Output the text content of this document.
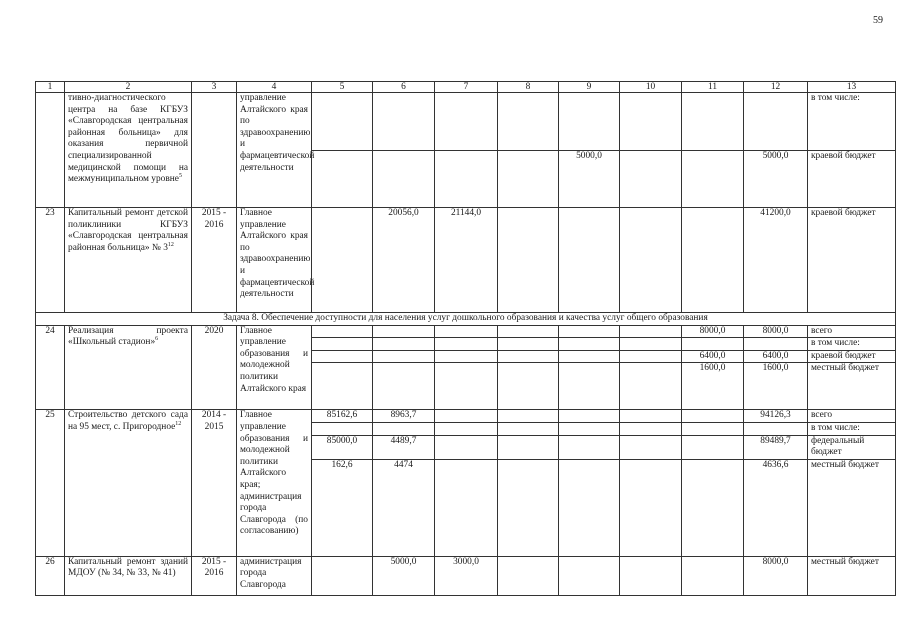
59
1	2	3	4	5	6	7	8	9	10	11	12	13
	тивно-диагностического центра на базе КГБУЗ «Славгородская центральная районная больница» для оказания первичной специализированной медицинской помощи на межмуниципальном уровне$^5$		управление Алтайского края по здравоохранению и фармацевтической деятельности									в том числе:
								5000,0			5000,0	краевой бюджет
23	Капитальный ремонт детской поликлиники КГБУЗ «Славгородская центральная районная больница» № $3^{12}$	2015 - 2016	Главное управление Алтайского края по здравоохранению и фармацевтической деятельности		20056,0	21144,0					41200,0	краевой бюджет
Задача 8. Обеспечение доступности для населения услуг дошкольного образования и качества услуг общего образования												
24	Реализация проекта «Школьный стадион»$^6$	2020	Главное управление образования и молодежной политики Алтайского края							8000,0	8000,0	всего
												в том числе:
										6400,0	6400,0	краевой бюджет
										1600,0	1600,0	местный бюджет
25	Строительство детского сада на 95 мест, с. Пригородное$^{12}$	2014 - 2015	Главное управление образования и молодежной политики Алтайского края; администрация города Славгорода (по согласованию)	85162,6	8963,7						94126,3	всего
												в том числе:
				85000,0	4489,7						89489,7	федеральный бюджет
				162,6	4474						4636,6	местный бюджет
26	Капитальный ремонт зданий МДОУ (№ 34, № 33, № 41)	2015 - 2016	администрация города Славгорода		5000,0	3000,0					8000,0	местный бюджет
